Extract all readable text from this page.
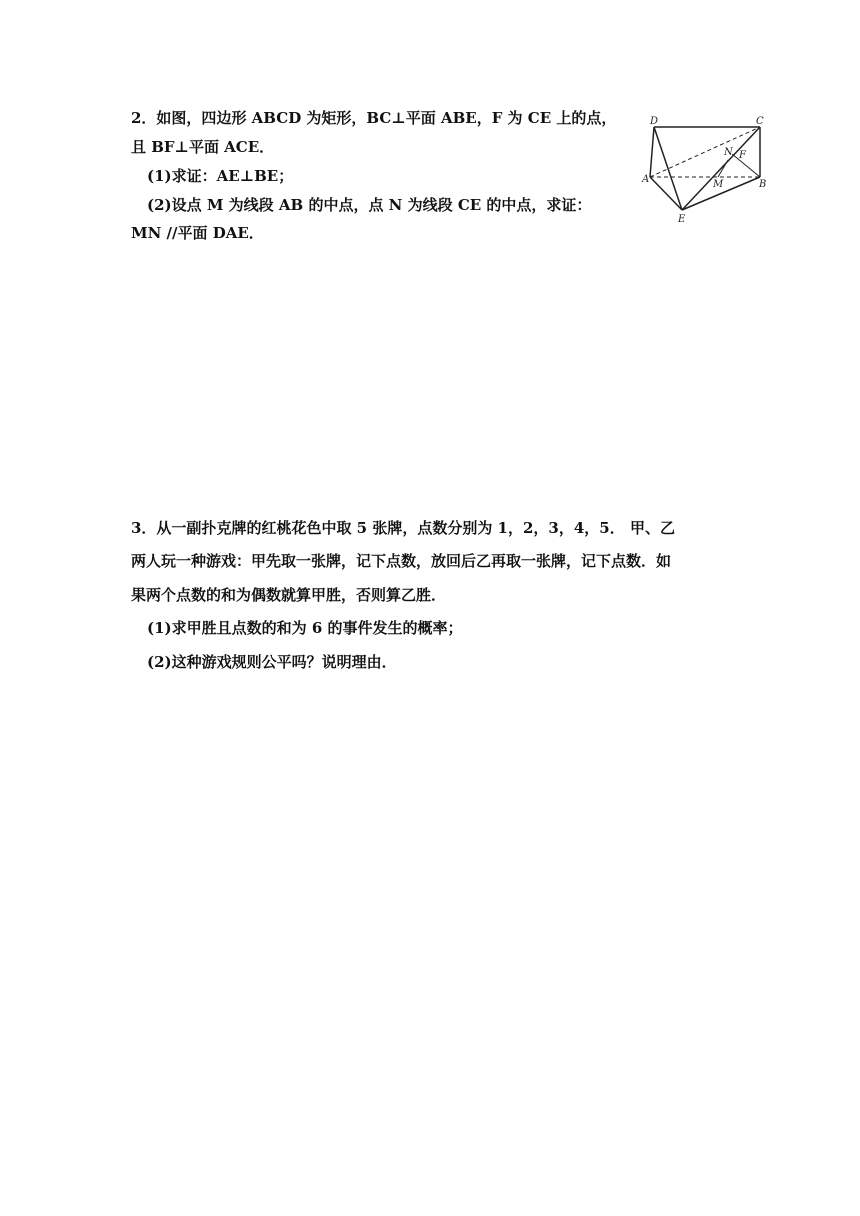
2．如图，四边形 ABCD 为矩形，BC⊥平面 ABE，F 为 CE 上的点，
且 BF⊥平面 ACE．
(1)求证：AE⊥BE；
(2)设点 M 为线段 AB 的中点，点 N 为线段 CE 的中点，求证：
MN //平面 DAE．
D	C
A	B
E
F
M
N
3．从一副扑克牌的红桃花色中取 5 张牌，点数分别为 1，2，3，4，5． 甲、乙
两人玩一种游戏：甲先取一张牌，记下点数，放回后乙再取一张牌，记下点数．如
果两个点数的和为偶数就算甲胜，否则算乙胜．
(1)求甲胜且点数的和为 6 的事件发生的概率；
(2)这种游戏规则公平吗？说明理由．
